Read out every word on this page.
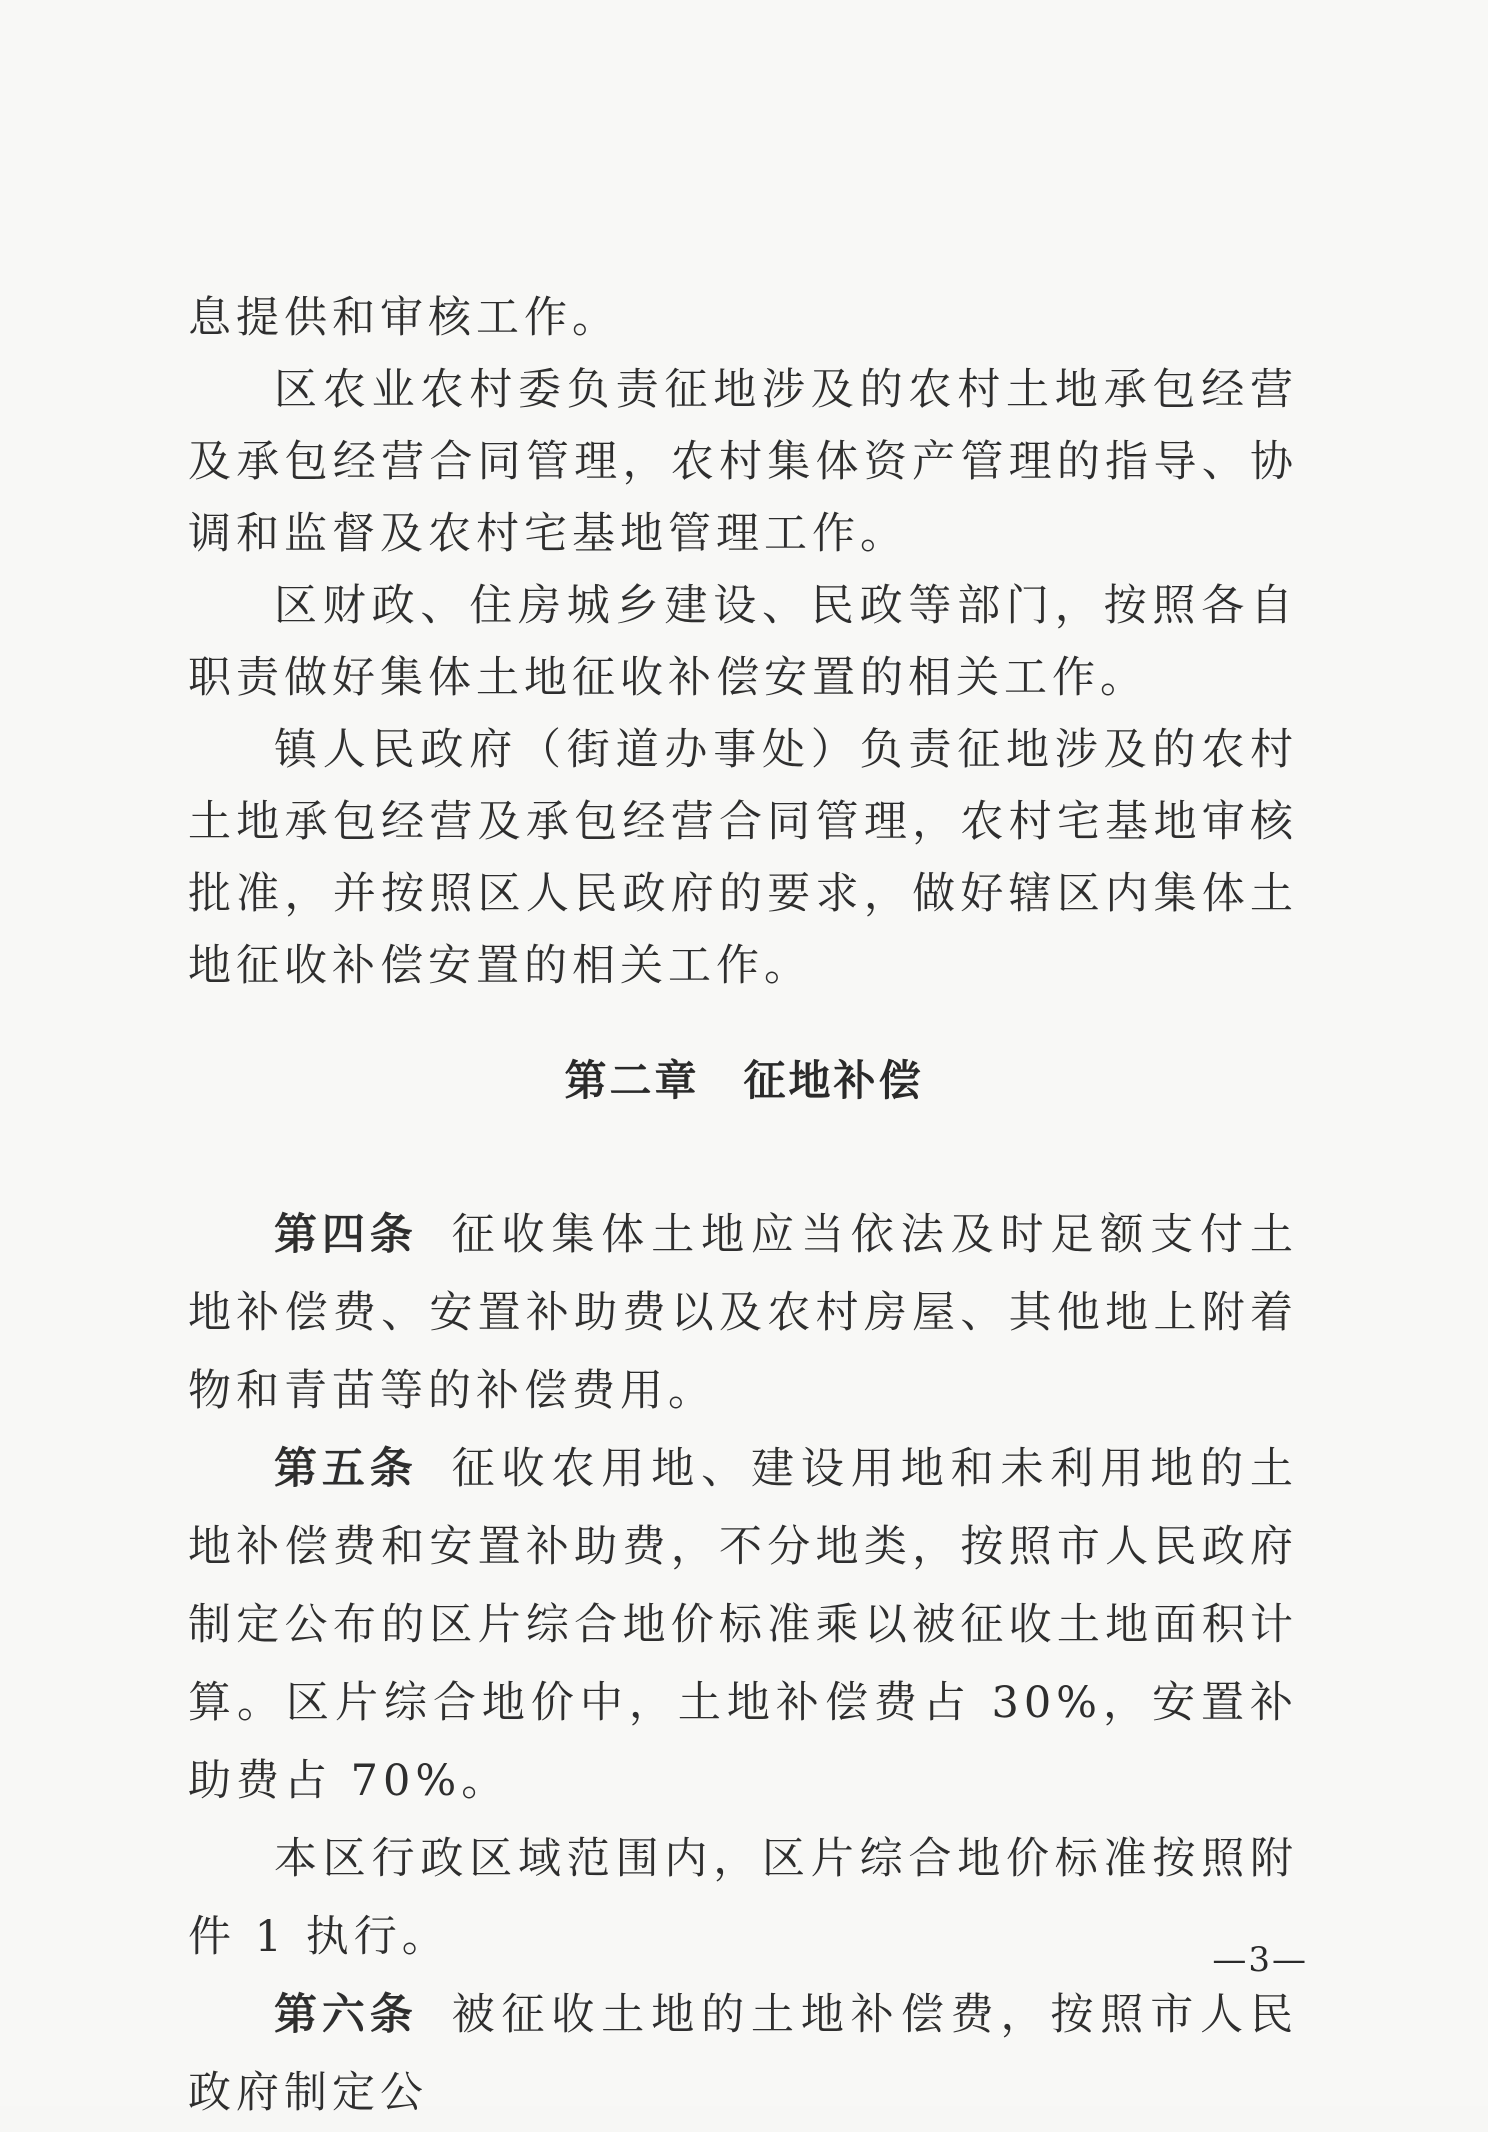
息提供和审核工作。

区农业农村委负责征地涉及的农村土地承包经营及承包经营合同管理，农村集体资产管理的指导、协调和监督及农村宅基地管理工作。

区财政、住房城乡建设、民政等部门，按照各自职责做好集体土地征收补偿安置的相关工作。

镇人民政府（街道办事处）负责征地涉及的农村土地承包经营及承包经营合同管理，农村宅基地审核批准，并按照区人民政府的要求，做好辖区内集体土地征收补偿安置的相关工作。

第二章 征地补偿

第四条 征收集体土地应当依法及时足额支付土地补偿费、安置补助费以及农村房屋、其他地上附着物和青苗等的补偿费用。

第五条 征收农用地、建设用地和未利用地的土地补偿费和安置补助费，不分地类，按照市人民政府制定公布的区片综合地价标准乘以被征收土地面积计算。区片综合地价中，土地补偿费占 30%，安置补助费占 70%。

本区行政区域范围内，区片综合地价标准按照附件 1 执行。

第六条 被征收土地的土地补偿费，按照市人民政府制定公

—3—
